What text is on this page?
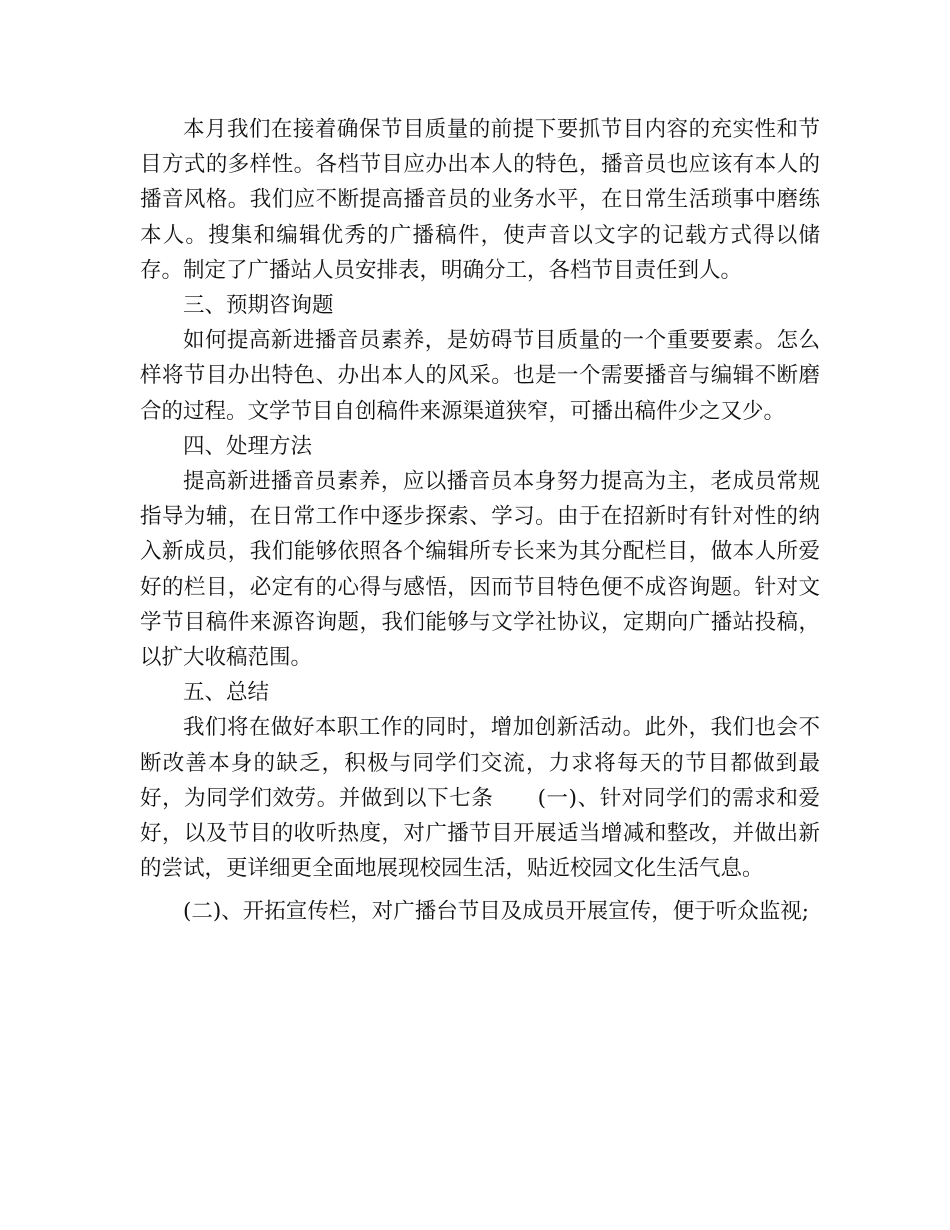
本月我们在接着确保节目质量的前提下要抓节目内容的充实性和节目方式的多样性。各档节目应办出本人的特色，播音员也应该有本人的播音风格。我们应不断提高播音员的业务水平，在日常生活琐事中磨练本人。搜集和编辑优秀的广播稿件，使声音以文字的记载方式得以储存。制定了广播站人员安排表，明确分工，各档节目责任到人。

三、预期咨询题

如何提高新进播音员素养，是妨碍节目质量的一个重要要素。怎么样将节目办出特色、办出本人的风采。也是一个需要播音与编辑不断磨合的过程。文学节目自创稿件来源渠道狭窄，可播出稿件少之又少。

四、处理方法

提高新进播音员素养，应以播音员本身努力提高为主，老成员常规指导为辅，在日常工作中逐步探索、学习。由于在招新时有针对性的纳入新成员，我们能够依照各个编辑所专长来为其分配栏目，做本人所爱好的栏目，必定有的心得与感悟，因而节目特色便不成咨询题。针对文学节目稿件来源咨询题，我们能够与文学社协议，定期向广播站投稿，以扩大收稿范围。

五、总结

我们将在做好本职工作的同时，增加创新活动。此外，我们也会不断改善本身的缺乏，积极与同学们交流，力求将每天的节目都做到最好，为同学们效劳。并做到以下七条　　(一)、针对同学们的需求和爱好，以及节目的收听热度，对广播节目开展适当增减和整改，并做出新的尝试，更详细更全面地展现校园生活，贴近校园文化生活气息。

(二)、开拓宣传栏，对广播台节目及成员开展宣传，便于听众监视;
